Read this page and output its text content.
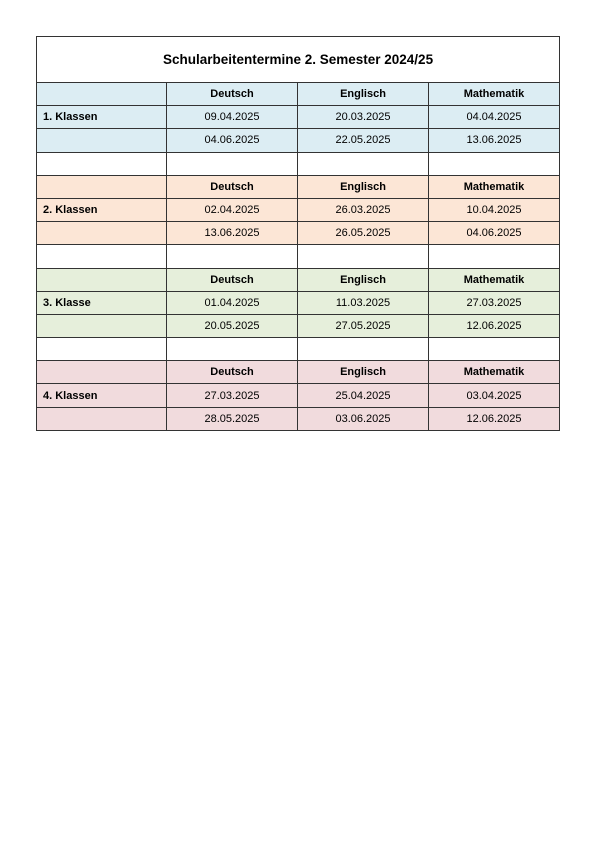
Schularbeitentermine 2. Semester 2024/25			
	Deutsch	Englisch	Mathematik
1. Klassen	09.04.2025	20.03.2025	04.04.2025
	04.06.2025	22.05.2025	13.06.2025

	Deutsch	Englisch	Mathematik
2. Klassen	02.04.2025	26.03.2025	10.04.2025
	13.06.2025	26.05.2025	04.06.2025

	Deutsch	Englisch	Mathematik
3. Klasse	01.04.2025	11.03.2025	27.03.2025
	20.05.2025	27.05.2025	12.06.2025

	Deutsch	Englisch	Mathematik
4. Klassen	27.03.2025	25.04.2025	03.04.2025
	28.05.2025	03.06.2025	12.06.2025
